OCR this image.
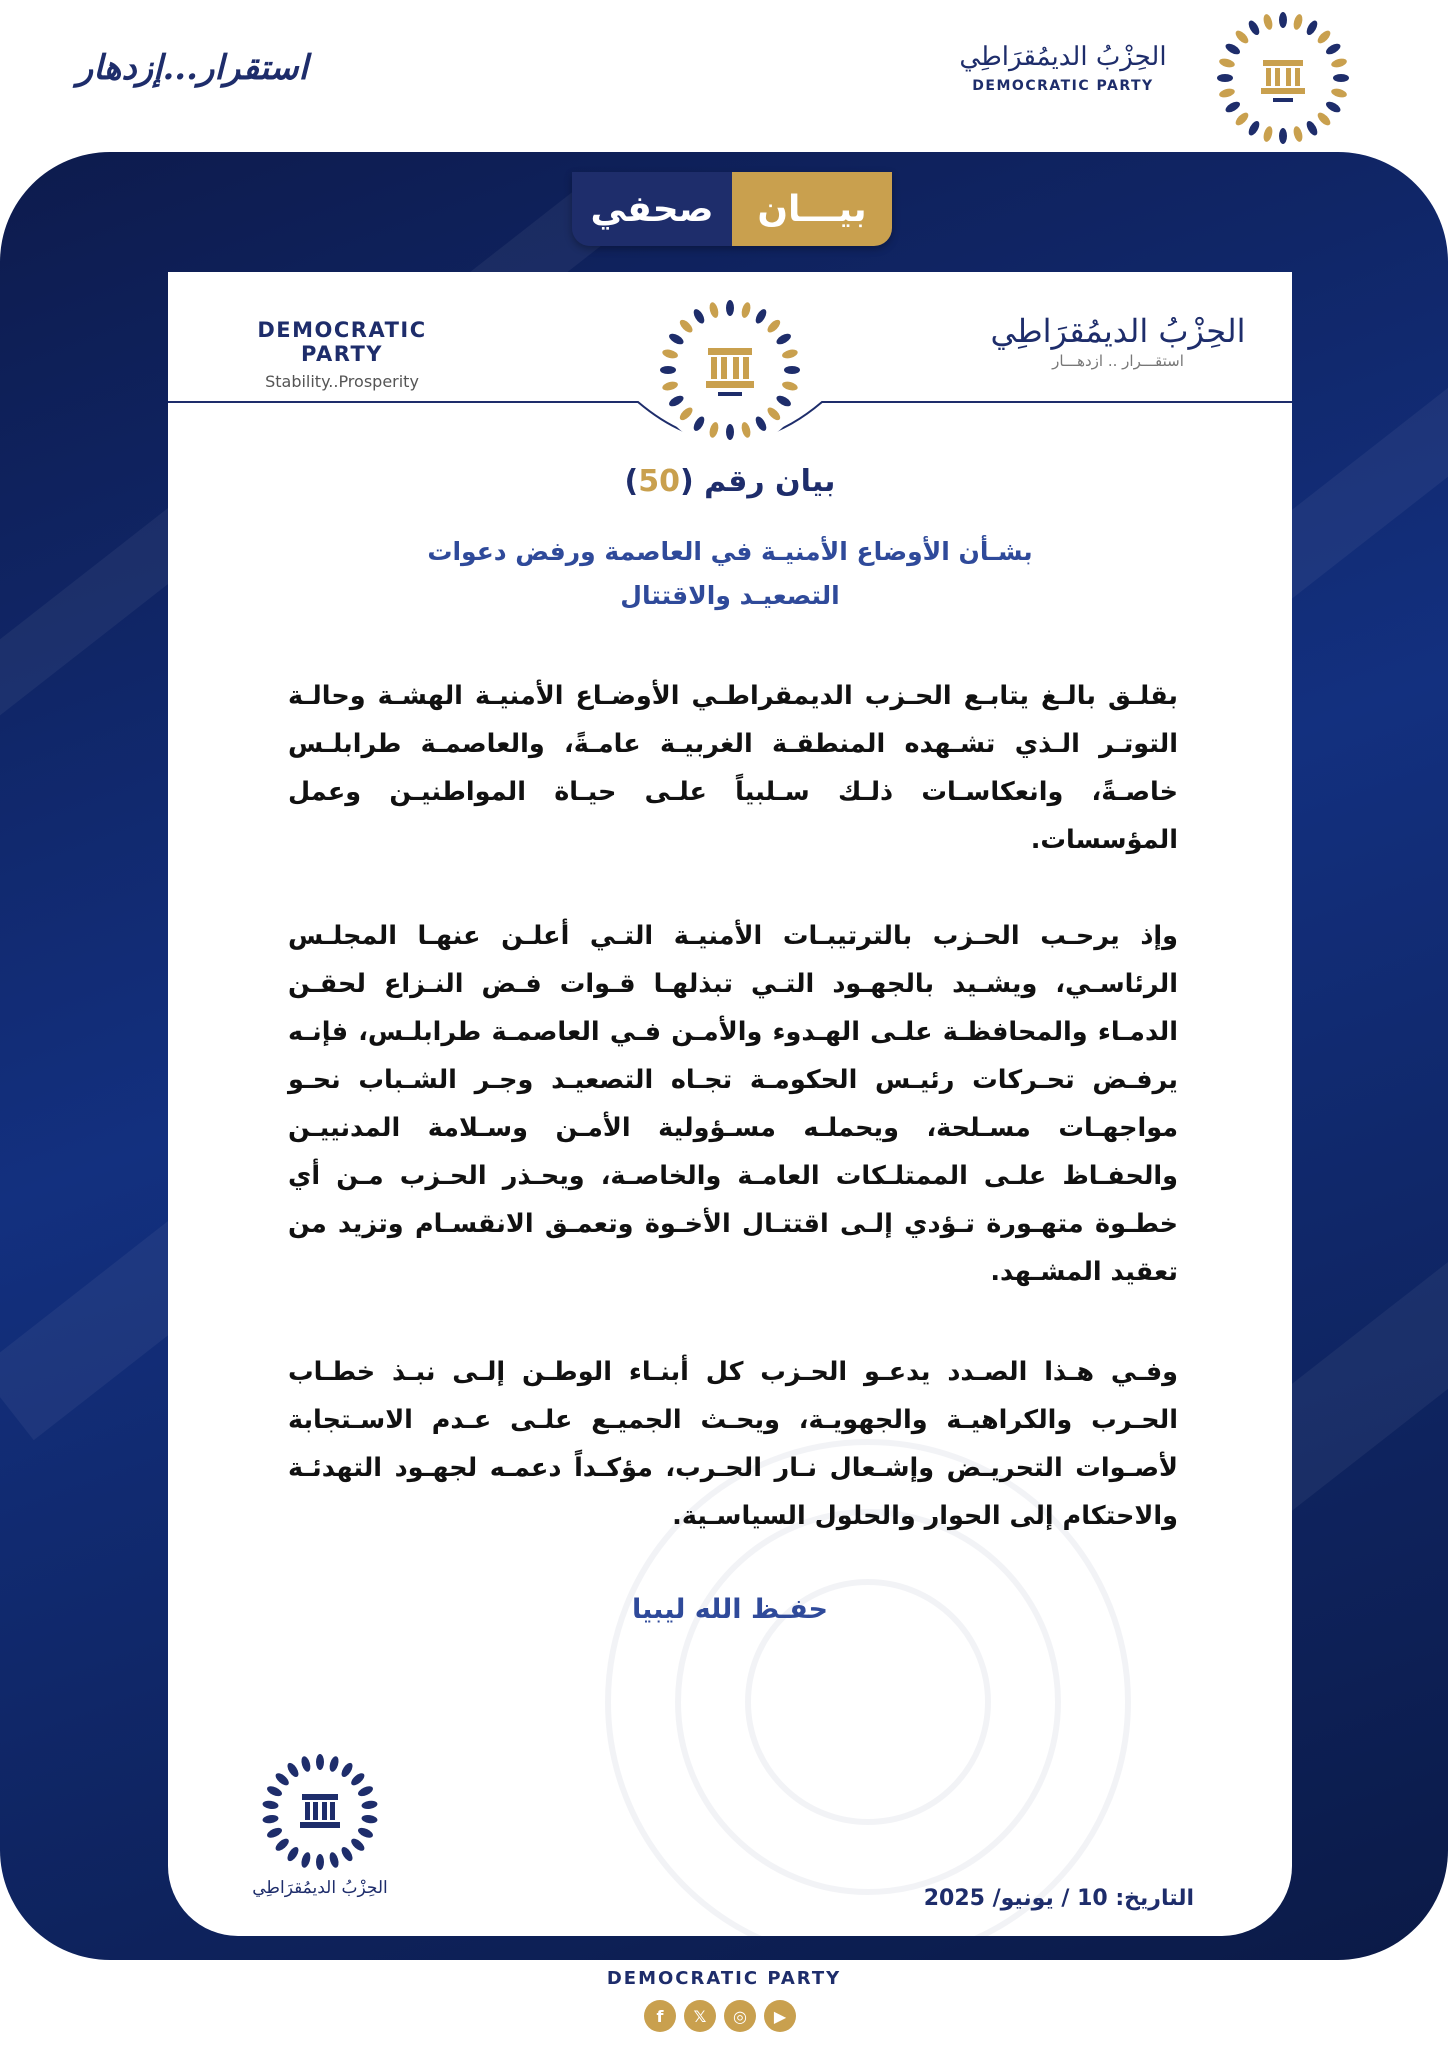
استقرار...إزدهار	الحِزْبُ الديمُقرَاطِي
DEMOCRATIC PARTY
صحفي	بيـــان
DEMOCRATIC PARTY
Stability..Prosperity
الحِزْبُ الديمُقرَاطِي
استقـــرار .. ازدهـــار
بيان رقم (50)
بشـأن الأوضاع الأمنيـة في العاصمة ورفض دعوات
التصعيـد والاقتتال

بقلـق بالـغ يتابـع الحـزب الديمقراطـي الأوضـاع الأمنيـة الهشـة وحالـة التوتـر الـذي تشـهده المنطقـة الغربيـة عامـةً، والعاصمـة طرابلـس خاصـةً، وانعكاسـات ذلـك سـلبياً علـى حيـاة المواطنيـن وعمل المؤسسات.

وإذ يرحـب الحـزب بالترتيبـات الأمنيـة التـي أعلـن عنهـا المجلـس الرئاسـي، ويشـيد بالجهـود التـي تبذلهـا قـوات فـض النـزاع لحقـن الدمـاء والمحافظـة علـى الهـدوء والأمـن فـي العاصمـة طرابلـس، فإنـه يرفـض تحـركات رئيـس الحكومـة تجـاه التصعيـد وجـر الشـباب نحـو مواجهـات مسـلحة، ويحملـه مسـؤولية الأمـن وسـلامة المدنييـن والحفـاظ علـى الممتلـكات العامـة والخاصـة، ويحـذر الحـزب مـن أي خطـوة متهـورة تـؤدي إلـى اقتتـال الأخـوة وتعمـق الانقسـام وتزيد من تعقيد المشـهد.

وفـي هـذا الصـدد يدعـو الحـزب كل أبنـاء الوطـن إلـى نبـذ خطـاب الحـرب والكراهيـة والجهويـة، ويحـث الجميـع علـى عـدم الاسـتجابة لأصـوات التحريـض وإشـعال نـار الحـرب، مؤكـداً دعمـه لجهـود التهدئـة والاحتكام إلى الحوار والحلول السياسـية.

حفـظ الله ليبيا
الحِزْبُ الديمُقرَاطِي	التاريخ: 10 / يونيو/ 2025
DEMOCRATIC PARTY
f	𝕏	◎	▶
